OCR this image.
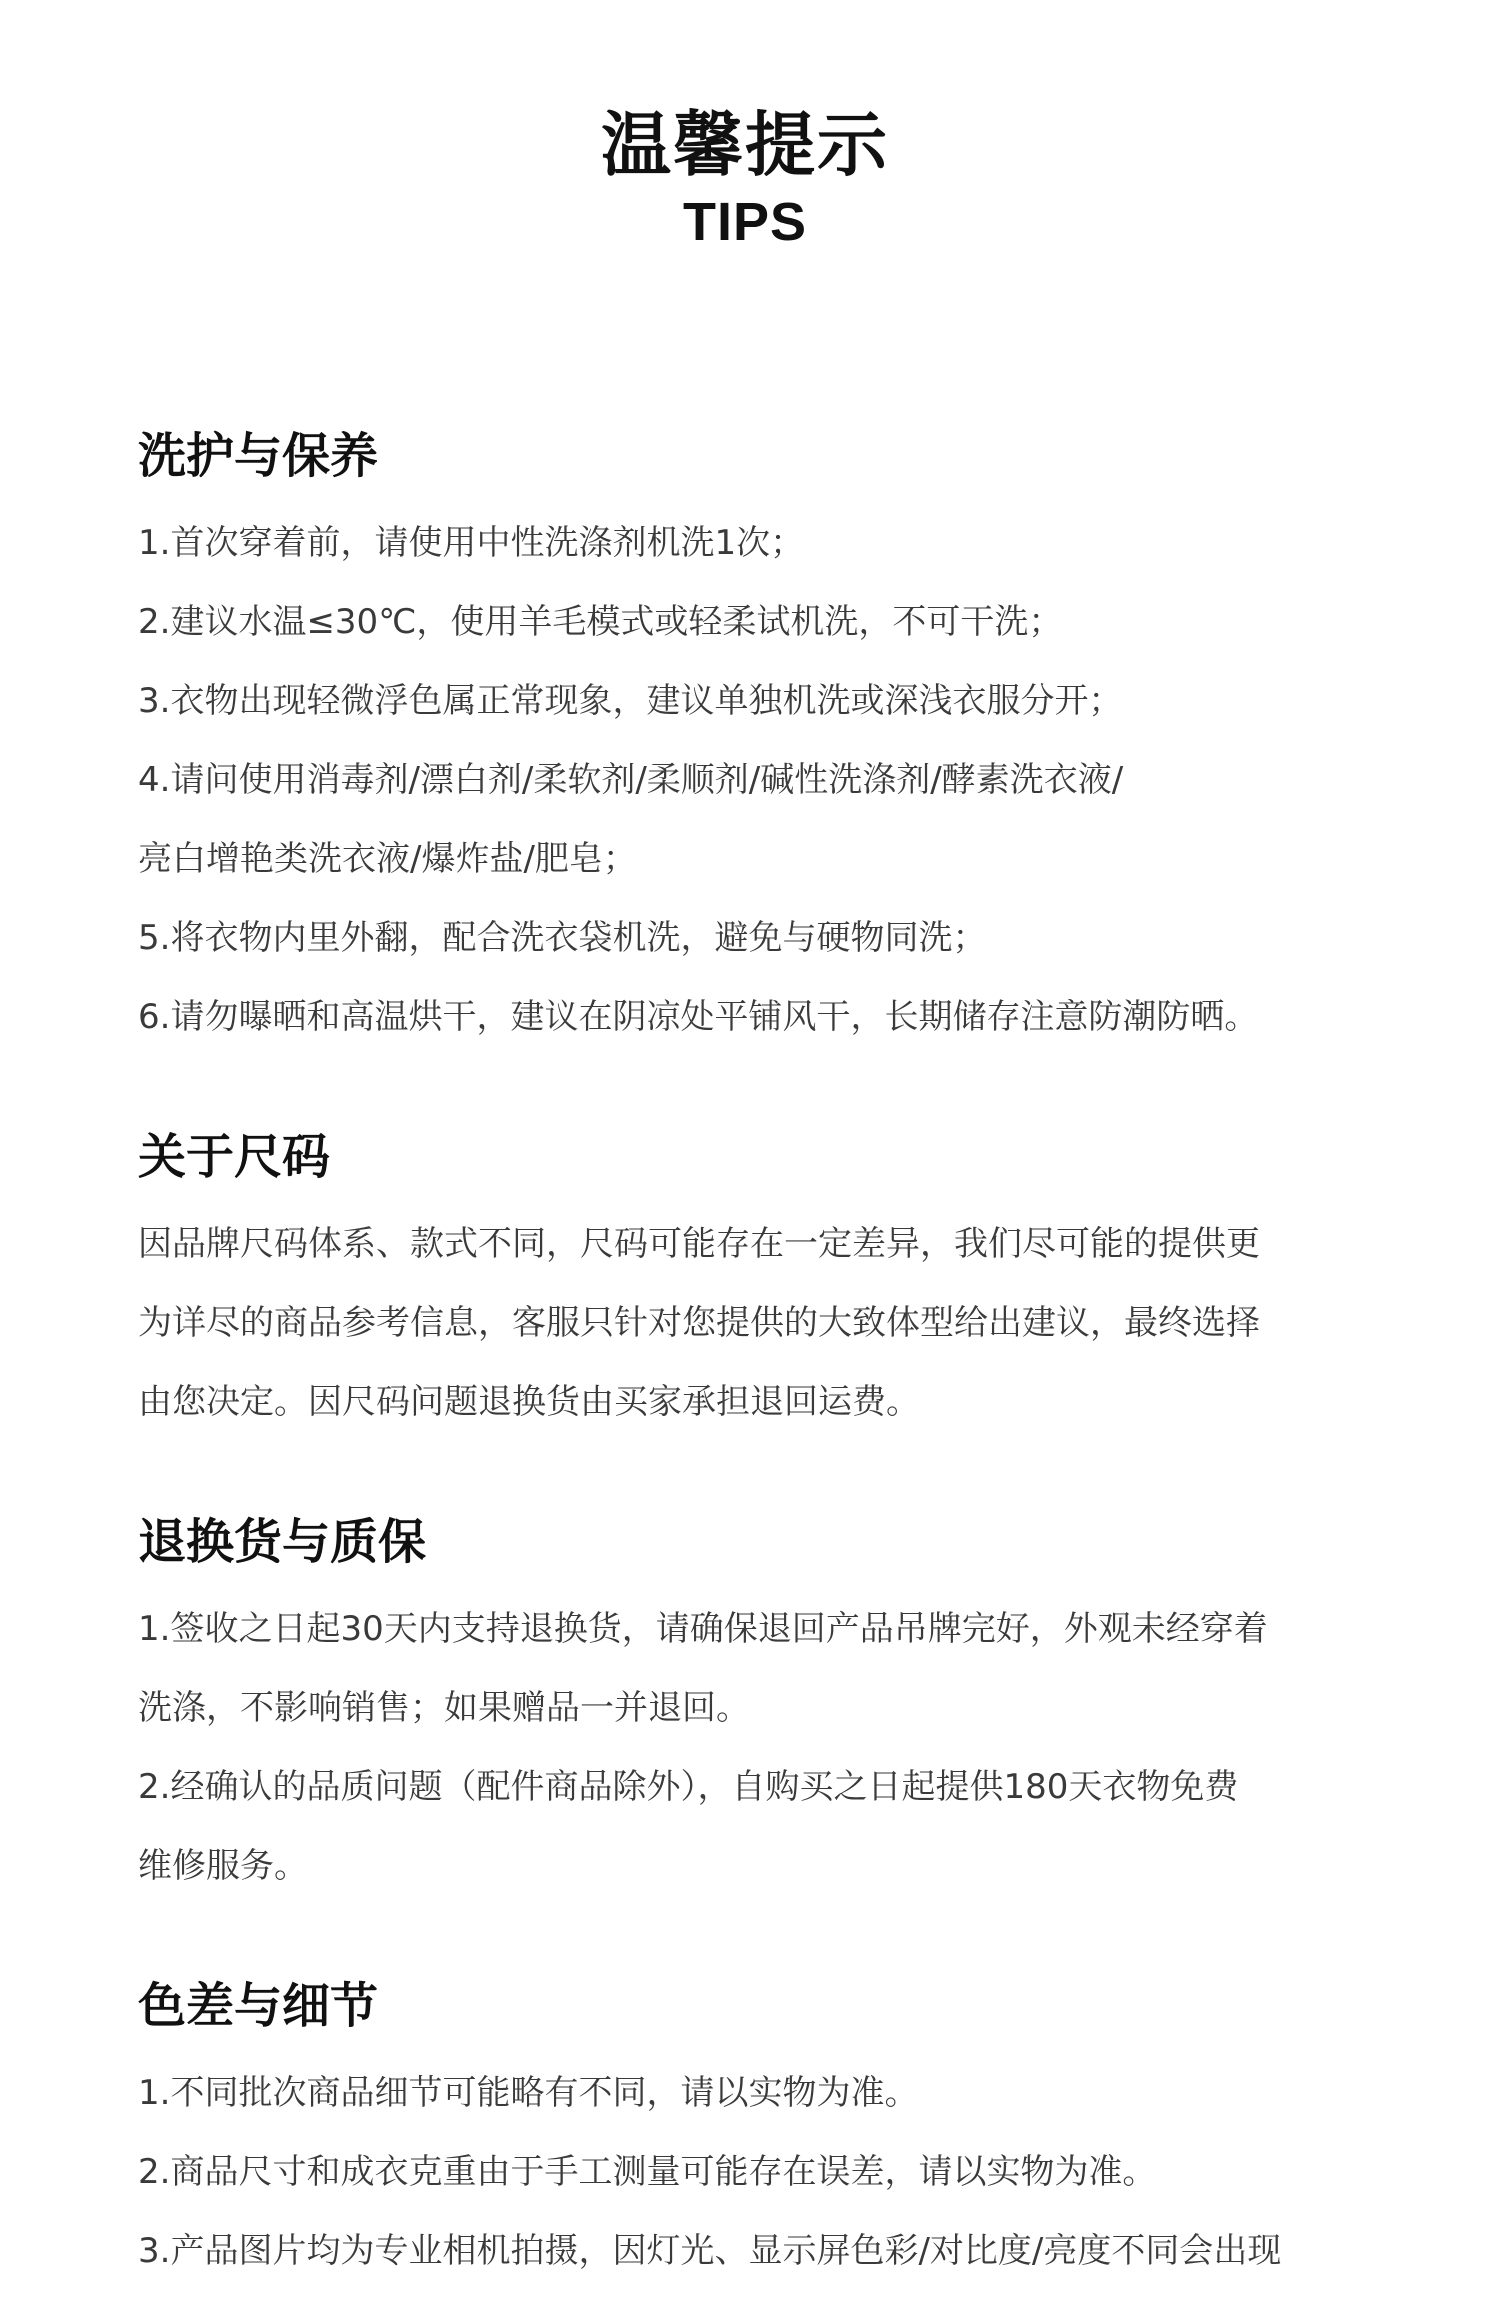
温馨提示
TIPS
洗护与保养
1.首次穿着前，请使用中性洗涤剂机洗1次；
2.建议水温≤30℃，使用羊毛模式或轻柔试机洗，不可干洗；
3.衣物出现轻微浮色属正常现象，建议单独机洗或深浅衣服分开；
4.请问使用消毒剂/漂白剂/柔软剂/柔顺剂/碱性洗涤剂/酵素洗衣液/
亮白增艳类洗衣液/爆炸盐/肥皂；
5.将衣物内里外翻，配合洗衣袋机洗，避免与硬物同洗；
6.请勿曝晒和高温烘干，建议在阴凉处平铺风干，长期储存注意防潮防晒。
关于尺码
因品牌尺码体系、款式不同，尺码可能存在一定差异，我们尽可能的提供更
为详尽的商品参考信息，客服只针对您提供的大致体型给出建议，最终选择
由您决定。因尺码问题退换货由买家承担退回运费。
退换货与质保
1.签收之日起30天内支持退换货，请确保退回产品吊牌完好，外观未经穿着
洗涤，不影响销售；如果赠品一并退回。
2.经确认的品质问题（配件商品除外），自购买之日起提供180天衣物免费
维修服务。
色差与细节
1.不同批次商品细节可能略有不同，请以实物为准。
2.商品尺寸和成衣克重由于手工测量可能存在误差，请以实物为准。
3.产品图片均为专业相机拍摄，因灯光、显示屏色彩/对比度/亮度不同会出现
